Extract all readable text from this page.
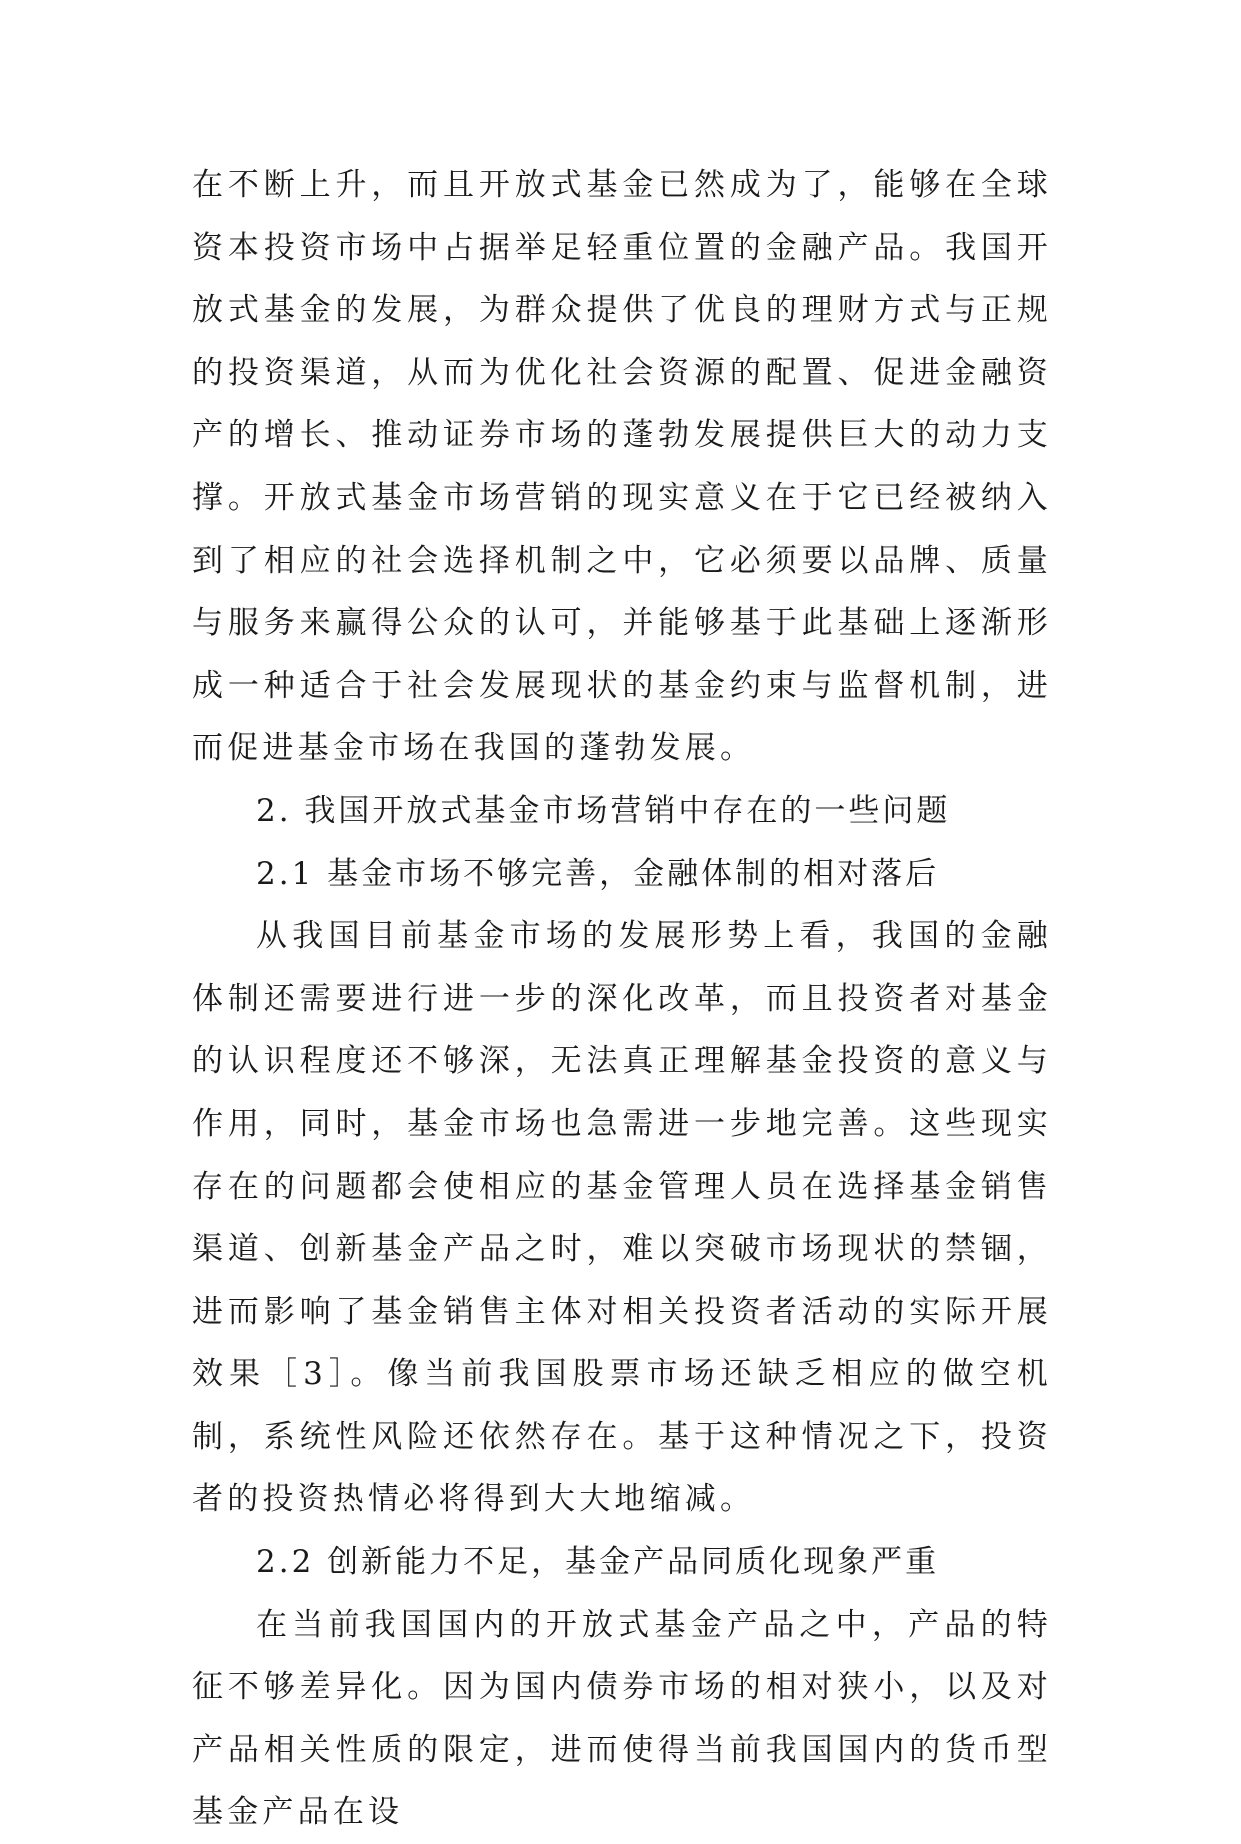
在不断上升，而且开放式基金已然成为了，能够在全球资本投资市场中占据举足轻重位置的金融产品。我国开放式基金的发展，为群众提供了优良的理财方式与正规的投资渠道，从而为优化社会资源的配置、促进金融资产的增长、推动证券市场的蓬勃发展提供巨大的动力支撑。开放式基金市场营销的现实意义在于它已经被纳入到了相应的社会选择机制之中，它必须要以品牌、质量与服务来赢得公众的认可，并能够基于此基础上逐渐形成一种适合于社会发展现状的基金约束与监督机制，进而促进基金市场在我国的蓬勃发展。

2. 我国开放式基金市场营销中存在的一些问题

2.1 基金市场不够完善，金融体制的相对落后

从我国目前基金市场的发展形势上看，我国的金融体制还需要进行进一步的深化改革，而且投资者对基金的认识程度还不够深，无法真正理解基金投资的意义与作用，同时，基金市场也急需进一步地完善。这些现实存在的问题都会使相应的基金管理人员在选择基金销售渠道、创新基金产品之时，难以突破市场现状的禁锢，进而影响了基金销售主体对相关投资者活动的实际开展效果［3］。像当前我国股票市场还缺乏相应的做空机制，系统性风险还依然存在。基于这种情况之下，投资者的投资热情必将得到大大地缩减。

2.2 创新能力不足，基金产品同质化现象严重

在当前我国国内的开放式基金产品之中，产品的特征不够差异化。因为国内债券市场的相对狭小，以及对产品相关性质的限定，进而使得当前我国国内的货币型基金产品在设
